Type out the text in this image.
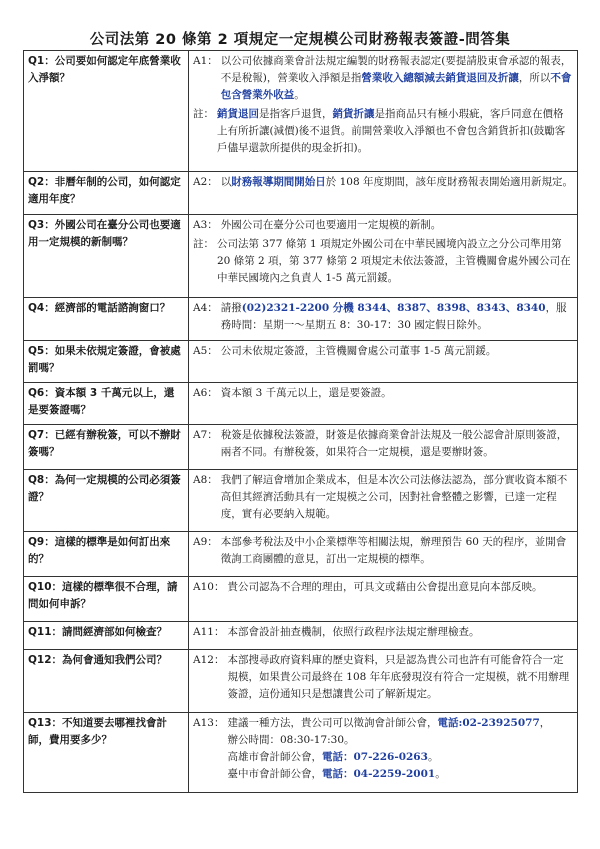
公司法第 20 條第 2 項規定一定規模公司財務報表簽證-問答集
Q1：公司要如何認定年底營業收入淨額？	A1： 以公司依據商業會計法規定編製的財務報表認定(要提請股東會承認的報表，不是稅報)，營業收入淨額是指營業收入總額減去銷貨退回及折讓，所以不會包含營業外收益。
註： 銷貨退回是指客戶退貨，銷貨折讓是指商品只有極小瑕疵，客戶同意在價格上有所折讓(減價)後不退貨。前開營業收入淨額也不會包含銷貨折扣(鼓勵客戶儘早還款所提供的現金折扣)。

Q2：非曆年制的公司，如何認定適用年度？	A2： 以財務報導期間開始日於 108 年度期間，該年度財務報表開始適用新規定。

Q3：外國公司在臺分公司也要適用一定規模的新制嗎？	A3： 外國公司在臺分公司也要適用一定規模的新制。
註： 公司法第 377 條第 1 項規定外國公司在中華民國境內設立之分公司準用第 20 條第 2 項，第 377 條第 2 項規定未依法簽證，主管機關會處外國公司在中華民國境內之負責人 1-5 萬元罰鍰。

Q4：經濟部的電話諮詢窗口？	A4： 請撥(02)2321-2200 分機 8344、8387、8398、8343、8340，服務時間：星期一～星期五 8：30-17：30 國定假日除外。

Q5：如果未依規定簽證，會被處罰嗎？	A5： 公司未依規定簽證，主管機關會處公司董事 1-5 萬元罰鍰。

Q6：資本額 3 千萬元以上，還是要簽證嗎？	A6： 資本額 3 千萬元以上，還是要簽證。

Q7：已經有辦稅簽，可以不辦財簽嗎？	A7： 稅簽是依據稅法簽證，財簽是依據商業會計法規及一般公認會計原則簽證，兩者不同。有辦稅簽，如果符合一定規模，還是要辦財簽。

Q8：為何一定規模的公司必須簽證？	A8： 我們了解這會增加企業成本，但是本次公司法修法認為，部分實收資本額不高但其經濟活動具有一定規模之公司，因對社會整體之影響，已達一定程度，實有必要納入規範。

Q9：這樣的標準是如何訂出來的？	A9： 本部參考稅法及中小企業標準等相關法規，辦理預告 60 天的程序，並開會徵詢工商團體的意見，訂出一定規模的標準。

Q10：這樣的標準很不合理，請問如何申訴？	A10： 貴公司認為不合理的理由，可具文或藉由公會提出意見向本部反映。

Q11：請問經濟部如何檢查？	A11： 本部會設計抽查機制，依照行政程序法規定辦理檢查。

Q12：為何會通知我們公司？	A12： 本部搜尋政府資料庫的歷史資料，只是認為貴公司也許有可能會符合一定規模，如果貴公司最終在 108 年年底發現沒有符合一定規模，就不用辦理簽證，這份通知只是想讓貴公司了解新規定。

Q13：不知道要去哪裡找會計師，費用要多少？	A13： 建議一種方法，貴公司可以徵詢會計師公會，電話:02-23925077，
辦公時間：08:30-17:30。
高雄市會計師公會，電話：07-226-0263。
臺中市會計師公會，電話：04-2259-2001。
